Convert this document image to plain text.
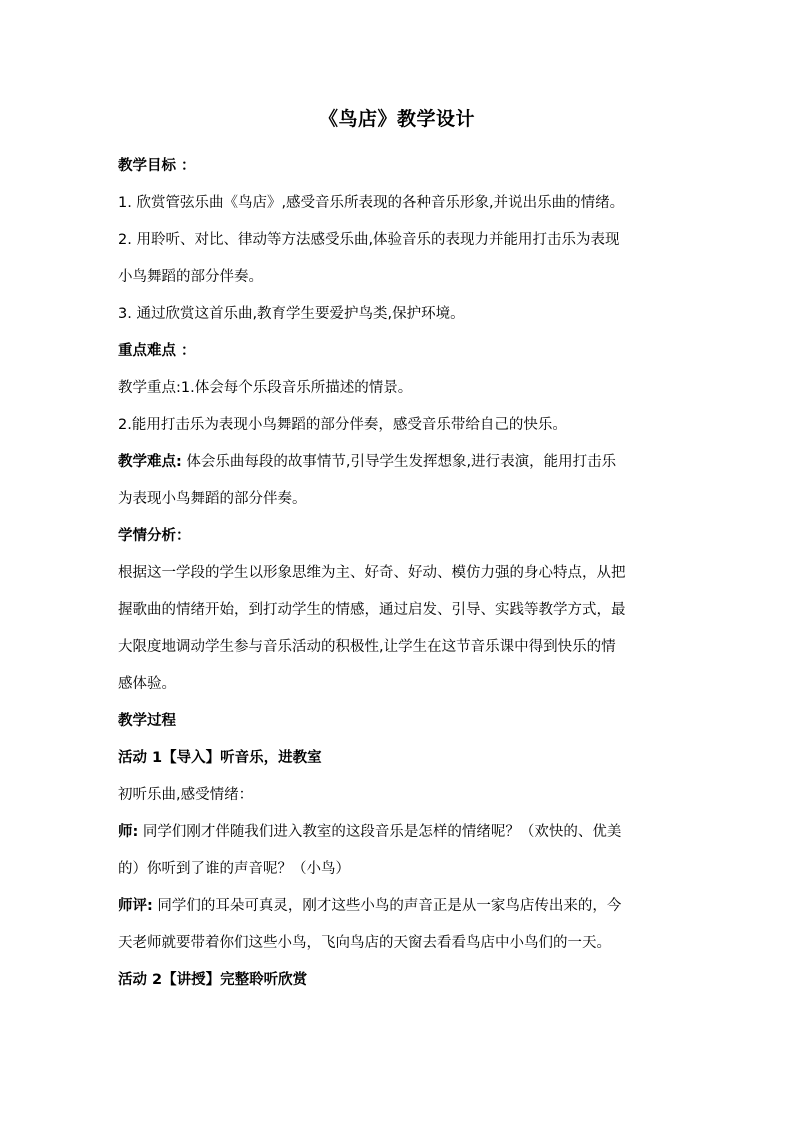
《鸟店》教学设计

教学目标 ：

1. 欣赏管弦乐曲《鸟店》,感受音乐所表现的各种音乐形象,并说出乐曲的情绪。

2. 用聆听、对比、律动等方法感受乐曲,体验音乐的表现力并能用打击乐为表现

小鸟舞蹈的部分伴奏。

3. 通过欣赏这首乐曲,教育学生要爱护鸟类,保护环境。

重点难点 ：

教学重点:1.体会每个乐段音乐所描述的情景。

2.能用打击乐为表现小鸟舞蹈的部分伴奏，感受音乐带给自己的快乐。

教学难点: 体会乐曲每段的故事情节,引导学生发挥想象,进行表演，能用打击乐

为表现小鸟舞蹈的部分伴奏。

学情分析：

根据这一学段的学生以形象思维为主、好奇、好动、模仿力强的身心特点，从把

握歌曲的情绪开始，到打动学生的情感，通过启发、引导、实践等教学方式，最

大限度地调动学生参与音乐活动的积极性,让学生在这节音乐课中得到快乐的情

感体验。

教学过程

活动 1【导入】听音乐，进教室

初听乐曲,感受情绪：

师: 同学们刚才伴随我们进入教室的这段音乐是怎样的情绪呢？（欢快的、优美

的）你听到了谁的声音呢？（小鸟）

师评: 同学们的耳朵可真灵，刚才这些小鸟的声音正是从一家鸟店传出来的，今

天老师就要带着你们这些小鸟，飞向鸟店的天窗去看看鸟店中小鸟们的一天。

活动 2【讲授】完整聆听欣赏
